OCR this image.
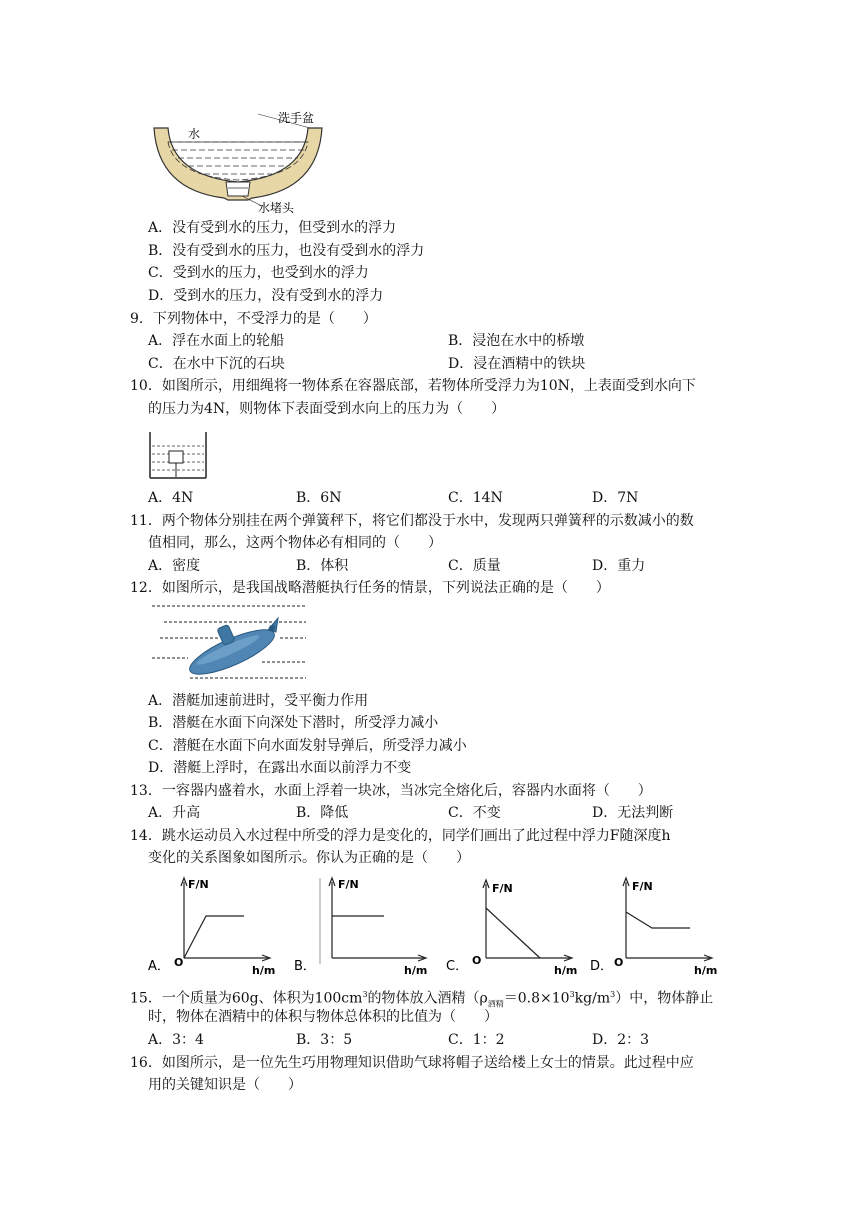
洗手盆
水
水堵头
A．没有受到水的压力，但受到水的浮力
B．没有受到水的压力，也没有受到水的浮力
C．受到水的压力，也受到水的浮力
D．受到水的压力，没有受到水的浮力
9．下列物体中，不受浮力的是（　　）
A．浮在水面上的轮船	B．浸泡在水中的桥墩
C．在水中下沉的石块	D．浸在酒精中的铁块
10．如图所示，用细绳将一物体系在容器底部，若物体所受浮力为10N，上表面受到水向下
的压力为4N，则物体下表面受到水向上的压力为（　　）
A．4N	B．6N	C．14N	D．7N
11．两个物体分别挂在两个弹簧秤下，将它们都没于水中，发现两只弹簧秤的示数减小的数
值相同，那么，这两个物体必有相同的（　　）
A．密度	B．体积	C．质量	D．重力
12．如图所示，是我国战略潜艇执行任务的情景，下列说法正确的是（　　）
A．潜艇加速前进时，受平衡力作用
B．潜艇在水面下向深处下潜时，所受浮力减小
C．潜艇在水面下向水面发射导弹后，所受浮力减小
D．潜艇上浮时，在露出水面以前浮力不变
13．一容器内盛着水，水面上浮着一块冰，当冰完全熔化后，容器内水面将（　　）
A．升高	B．降低	C．不变	D．无法判断
14．跳水运动员入水过程中所受的浮力是变化的，同学们画出了此过程中浮力F随深度h
变化的关系图象如图所示。你认为正确的是（　　）
A．
F/N
O
h/m B．
F/N
h/m C．
F/N
O
h/m D．
F/N
O
h/m
15．一个质量为60g、体积为$100cm^3$的物体放入酒精$(\rho_{酒精}=0.8\times 10^3kg/m^3)$中，物体静止
时，物体在酒精中的体积与物体总体积的比值为（　　）
A．3：4	B．3：5	C．1：2	D．2：3
16．如图所示，是一位先生巧用物理知识借助气球将帽子送给楼上女士的情景。此过程中应
用的关键知识是（　　）
